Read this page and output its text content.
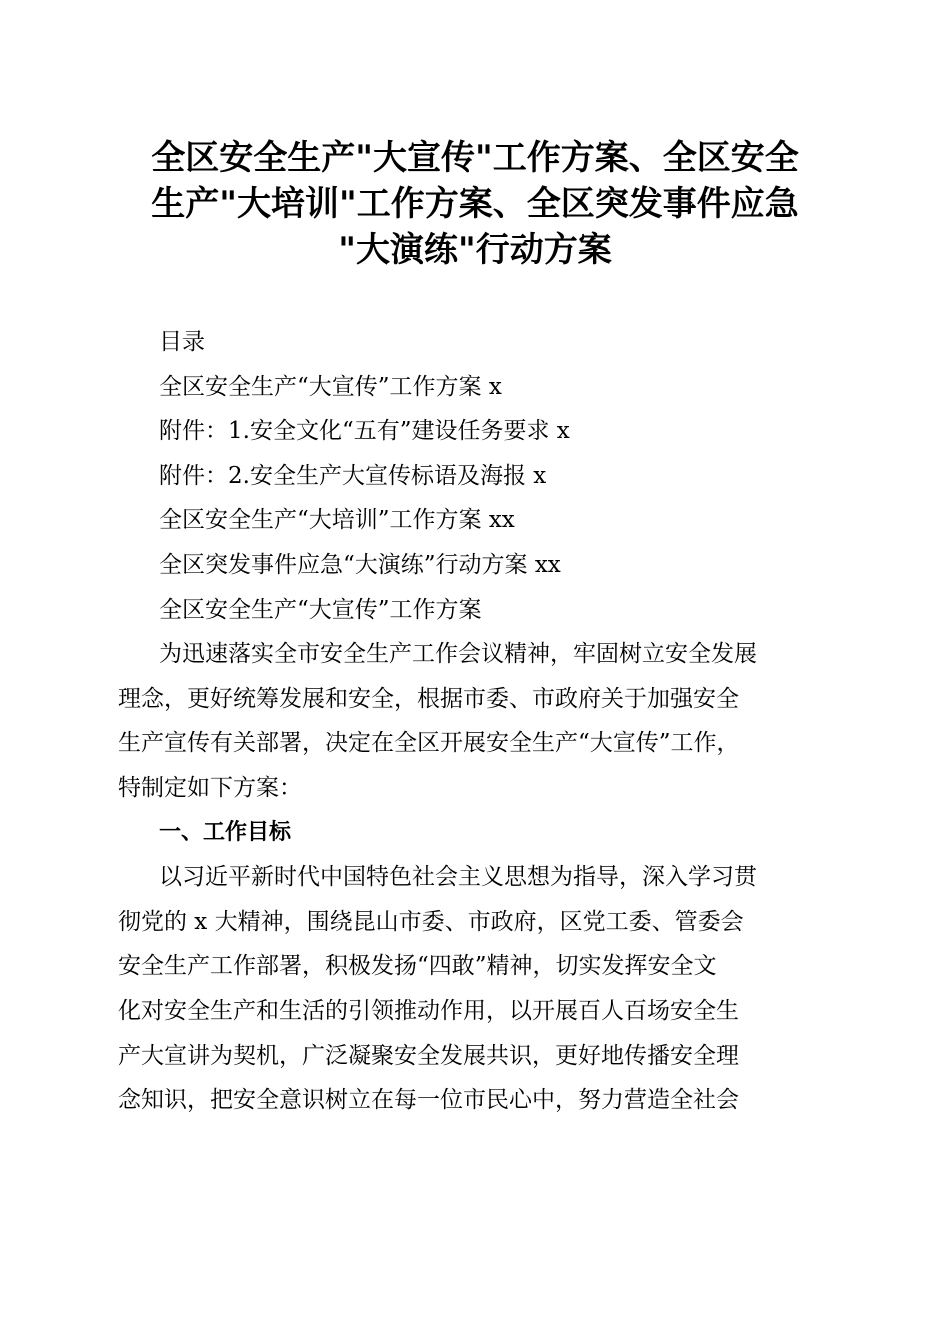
全区安全生产"大宣传"工作方案、全区安全
生产"大培训"工作方案、全区突发事件应急
"大演练"行动方案
目录
全区安全生产“大宣传”工作方案 x
附件：1.安全文化“五有”建设任务要求 x
附件：2.安全生产大宣传标语及海报 x
全区安全生产“大培训”工作方案 xx
全区突发事件应急“大演练”行动方案 xx
全区安全生产“大宣传”工作方案
为迅速落实全市安全生产工作会议精神，牢固树立安全发展
理念，更好统筹发展和安全，根据市委、市政府关于加强安全
生产宣传有关部署，决定在全区开展安全生产“大宣传”工作，
特制定如下方案：
一、工作目标
以习近平新时代中国特色社会主义思想为指导，深入学习贯
彻党的 x 大精神，围绕昆山市委、市政府，区党工委、管委会
安全生产工作部署，积极发扬“四敢”精神，切实发挥安全文
化对安全生产和生活的引领推动作用，以开展百人百场安全生
产大宣讲为契机，广泛凝聚安全发展共识，更好地传播安全理
念知识，把安全意识树立在每一位市民心中，努力营造全社会
